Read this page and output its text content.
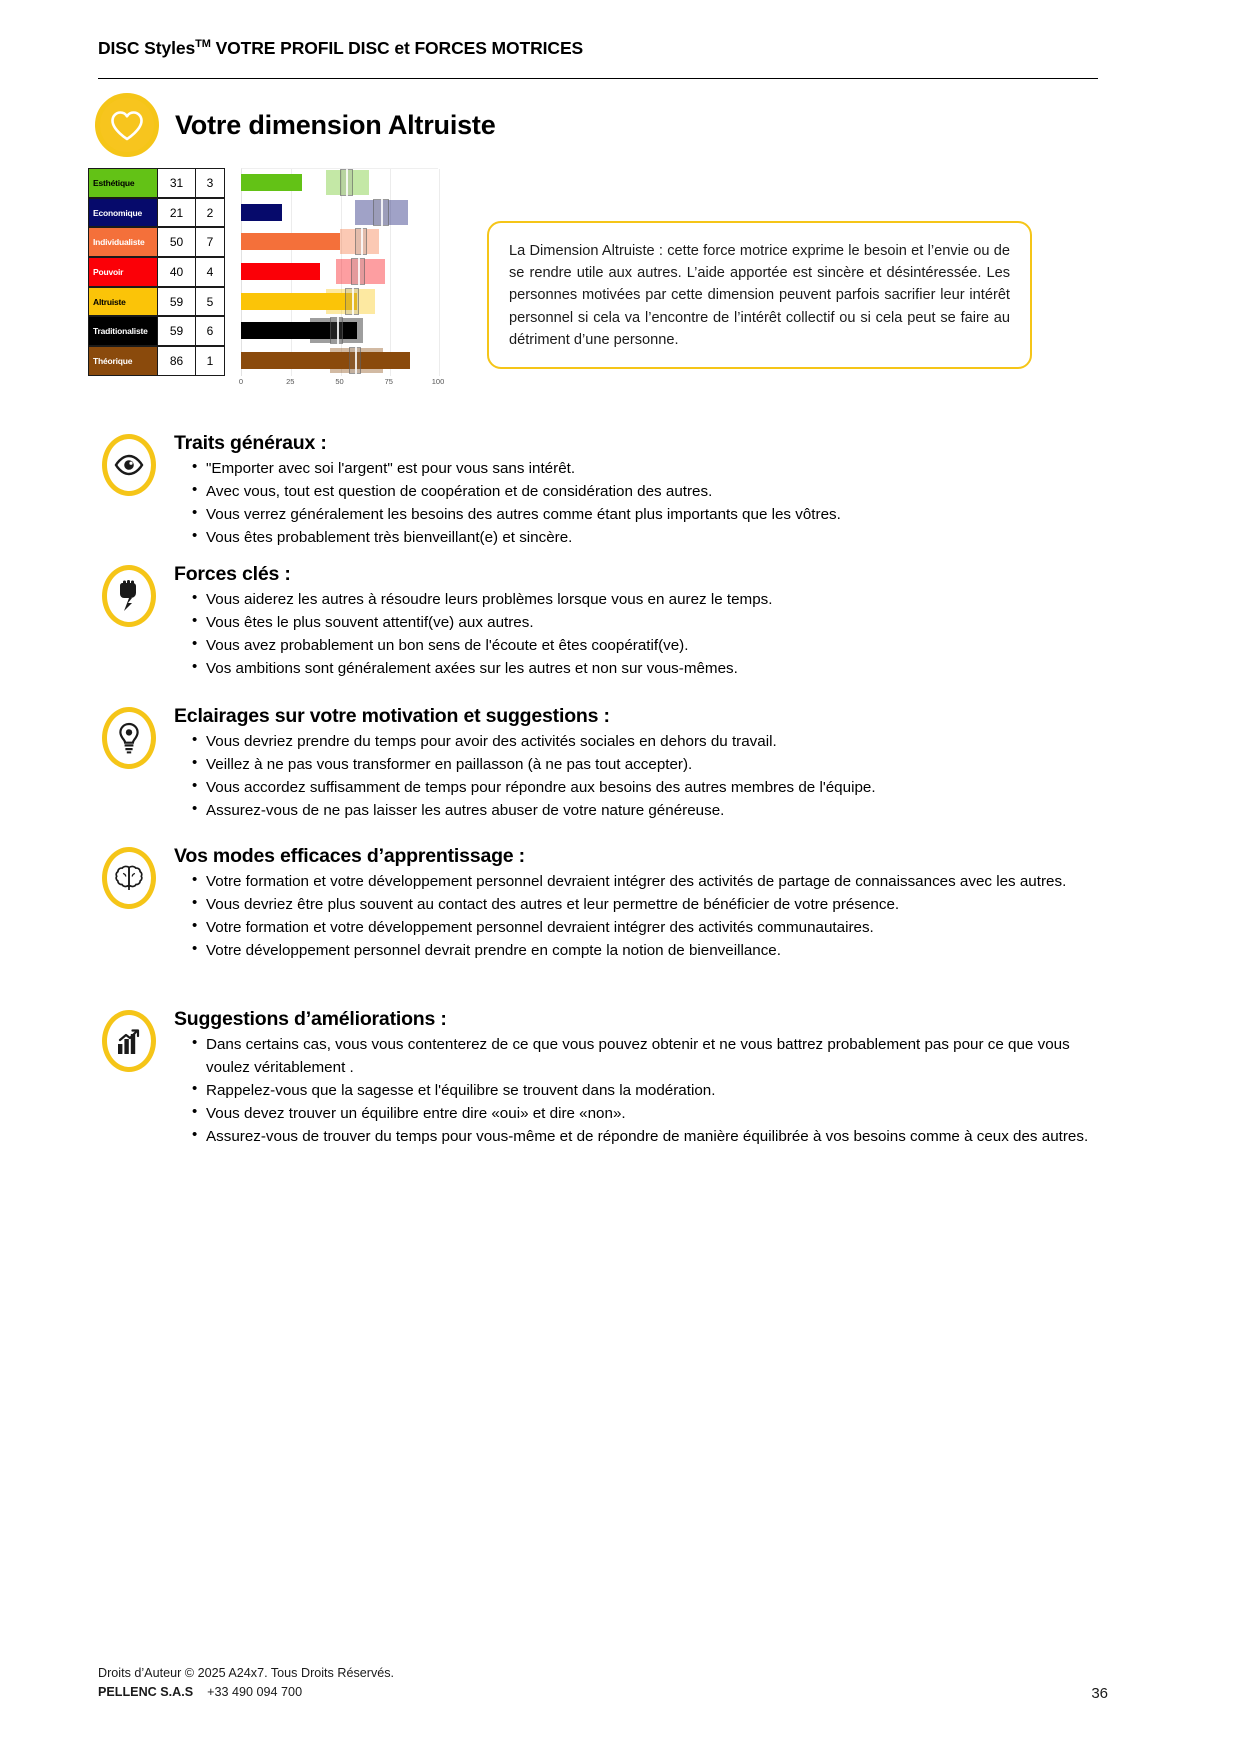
DISC Styles™ VOTRE PROFIL DISC et FORCES MOTRICES
Votre dimension Altruiste
Esthétique	31	3
Economique	21	2
Individualiste	50	7
Pouvoir	40	4
Altruiste	59	5
Traditionaliste	59	6
Théorique	86	1
0	25	50	75	100

La Dimension Altruiste : cette force motrice exprime le besoin et l’envie ou de se rendre utile aux autres. L’aide apportée est sincère et désintéressée. Les personnes motivées par cette dimension peuvent parfois sacrifier leur intérêt personnel si cela va l’encontre de l’intérêt collectif ou si cela peut se faire au détriment d’une personne.

Traits généraux :
• "Emporter avec soi l'argent" est pour vous sans intérêt.
• Avec vous, tout est question de coopération et de considération des autres.
• Vous verrez généralement les besoins des autres comme étant plus importants que les vôtres.
• Vous êtes probablement très bienveillant(e) et sincère.
Forces clés :
• Vous aiderez les autres à résoudre leurs problèmes lorsque vous en aurez le temps.
• Vous êtes le plus souvent attentif(ve) aux autres.
• Vous avez probablement un bon sens de l'écoute et êtes coopératif(ve).
• Vos ambitions sont généralement axées sur les autres et non sur vous-mêmes.
Eclairages sur votre motivation et suggestions :
• Vous devriez prendre du temps pour avoir des activités sociales en dehors du travail.
• Veillez à ne pas vous transformer en paillasson (à ne pas tout accepter).
• Vous accordez suffisamment de temps pour répondre aux besoins des autres membres de l'équipe.
• Assurez-vous de ne pas laisser les autres abuser de votre nature généreuse.
Vos modes efficaces d’apprentissage :
• Votre formation et votre développement personnel devraient intégrer des activités de partage de connaissances avec les autres.
• Vous devriez être plus souvent au contact des autres et leur permettre de bénéficier de votre présence.
• Votre formation et votre développement personnel devraient intégrer des activités communautaires.
• Votre développement personnel devrait prendre en compte la notion de bienveillance.
Suggestions d’améliorations :
• Dans certains cas, vous vous contenterez de ce que vous pouvez obtenir et ne vous battrez probablement pas pour ce que vous voulez véritablement .
• Rappelez-vous que la sagesse et l'équilibre se trouvent dans la modération.
• Vous devez trouver un équilibre entre dire «oui» et dire «non».
• Assurez-vous de trouver du temps pour vous-même et de répondre de manière équilibrée à vos besoins comme à ceux des autres.
Droits d’Auteur © 2025 A24x7. Tous Droits Réservés.
PELLENC S.A.S +33 490 094 700	36
